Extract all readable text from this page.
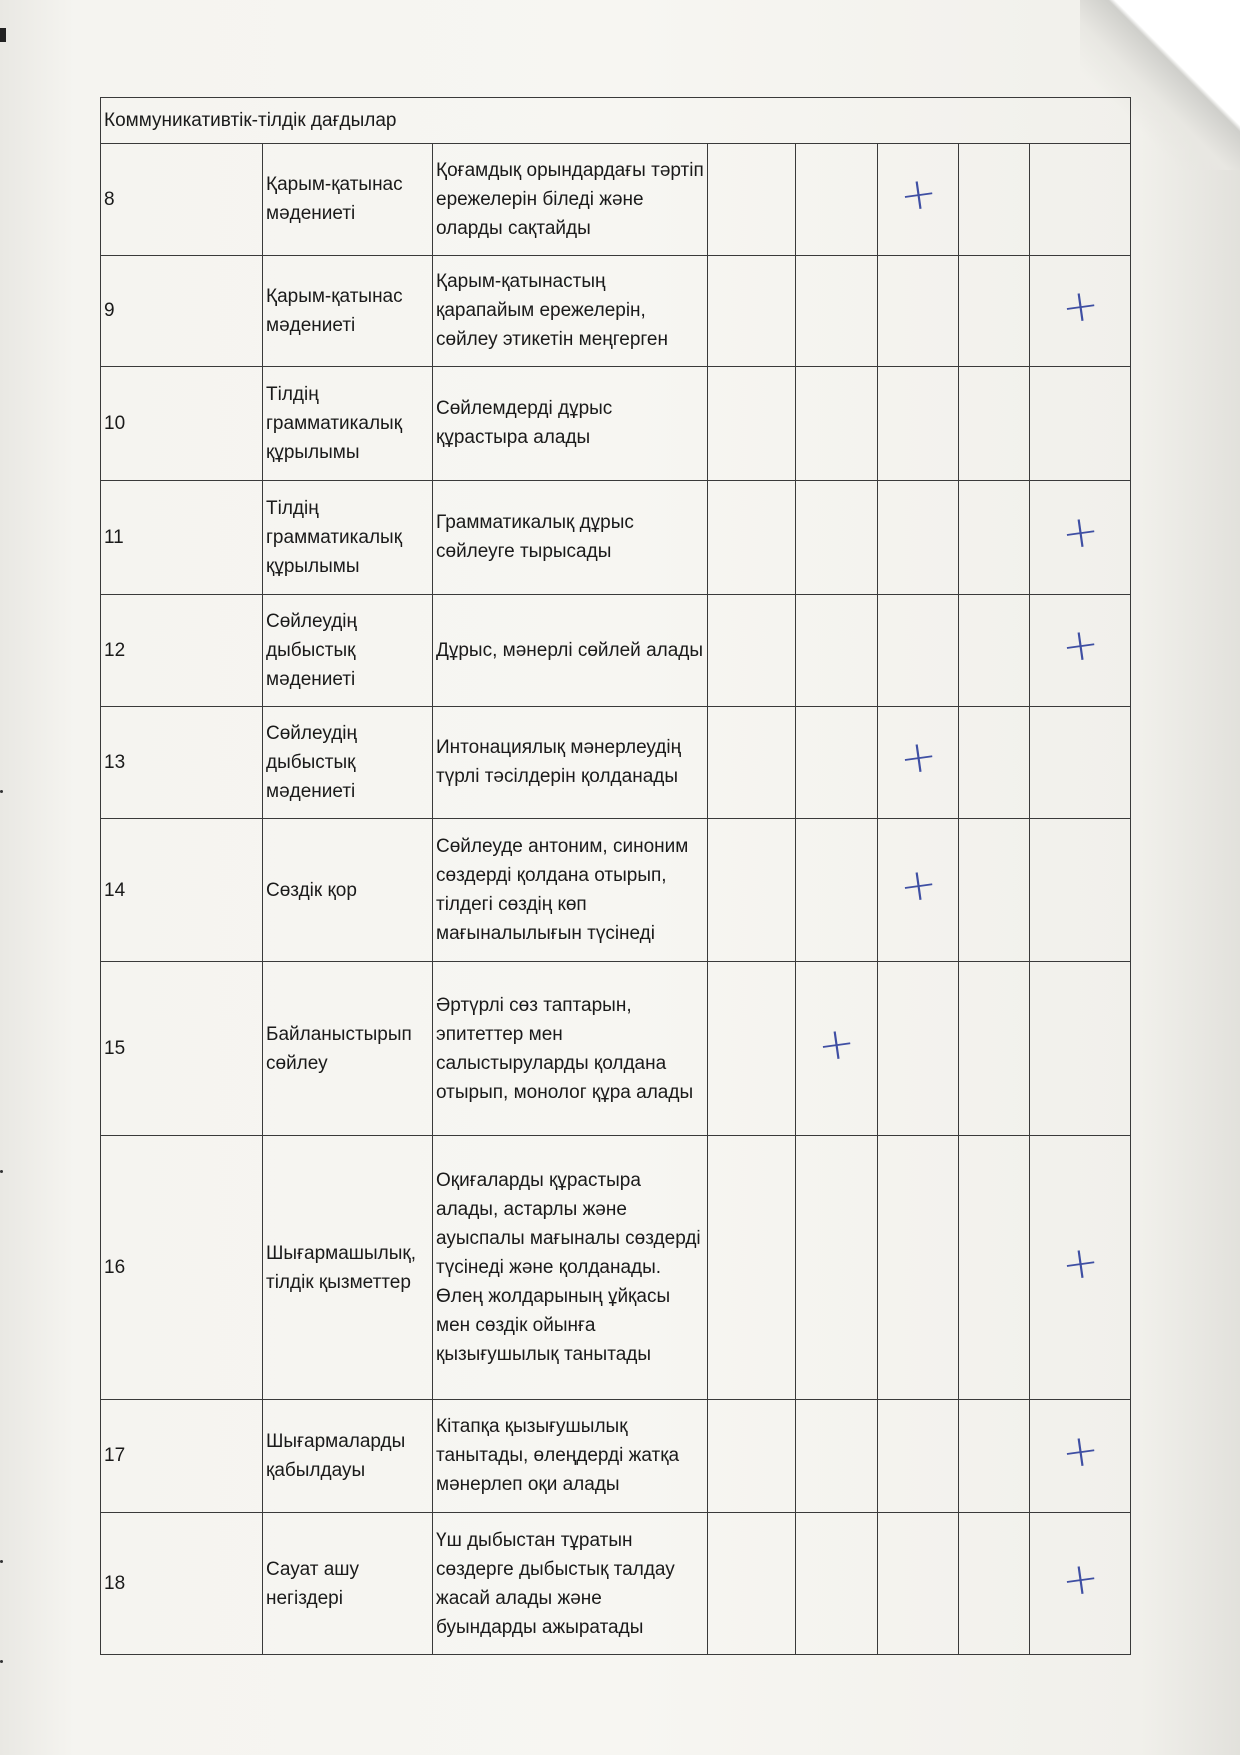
Коммуникативтік-тілдік дағдылар							
8	Қарым-қатынас мәдениеті	Қоғамдық орындардағы тәртіп ережелерін біледі және оларды сақтайды			+		
9	Қарым-қатынас мәдениеті	Қарым-қатынастың қарапайым ережелерін, сөйлеу этикетін меңгерген					+
10	Тілдің грамматикалық құрылымы	Сөйлемдерді дұрыс құрастыра алады					
11	Тілдің грамматикалық құрылымы	Грамматикалық дұрыс сөйлеуге тырысады					+
12	Сөйлеудің дыбыстық мәдениеті	Дұрыс, мәнерлі сөйлей алады					+
13	Сөйлеудің дыбыстық мәдениеті	Интонациялық мәнерлеудің түрлі тәсілдерін қолданады			+		
14	Сөздік қор	Сөйлеуде антоним, синоним сөздерді қолдана отырып, тілдегі сөздің көп мағыналылығын түсінеді			+		
15	Байланыстырып сөйлеу	Әртүрлі сөз таптарын, эпитеттер мен салыстыруларды қолдана отырып, монолог құра алады		+			
16	Шығармашылық, тілдік қызметтер	Оқиғаларды құрастыра алады, астарлы және ауыспалы мағыналы сөздерді түсінеді және қолданады. Өлең жолдарының ұйқасы мен сөздік ойынға қызығушылық танытады					+
17	Шығармаларды қабылдауы	Кітапқа қызығушылық танытады, өлеңдерді жатқа мәнерлеп оқи алады					+
18	Сауат ашу негіздері	Үш дыбыстан тұратын сөздерге дыбыстық талдау жасай алады және буындарды ажыратады					+
